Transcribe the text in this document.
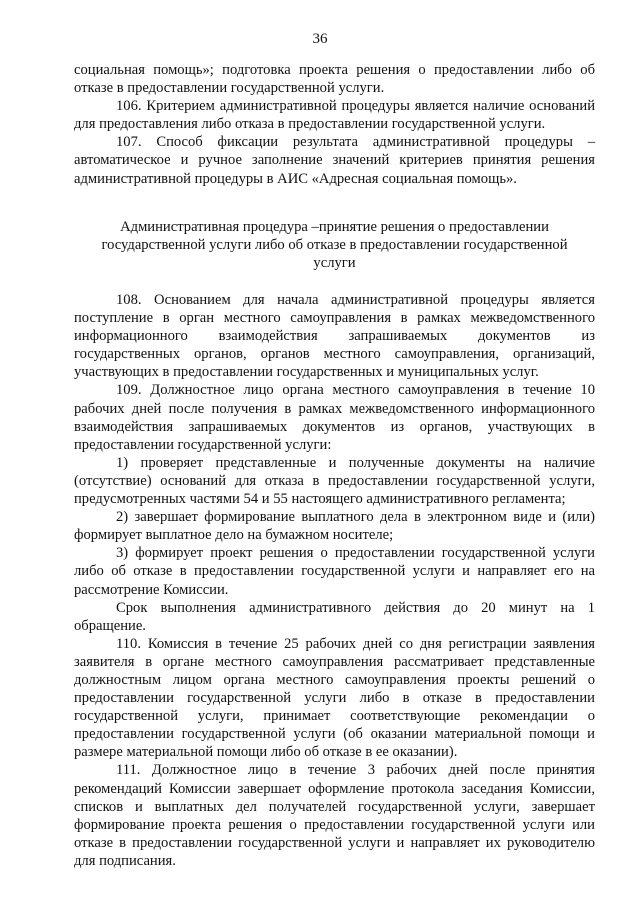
36

социальная помощь»; подготовка проекта решения о предоставлении либо об отказе в предоставлении государственной услуги.

106. Критерием административной процедуры является наличие оснований для предоставления либо отказа в предоставлении государственной услуги.

107. Способ фиксации результата административной процедуры – автоматическое и ручное заполнение значений критериев принятия решения административной процедуры в АИС «Адресная социальная помощь».

Административная процедура –принятие решения о предоставлении

государственной услуги либо об отказе в предоставлении государственной

услуги

108. Основанием для начала административной процедуры является поступление в орган местного самоуправления в рамках межведомственного информационного взаимодействия запрашиваемых документов из государственных органов, органов местного самоуправления, организаций, участвующих в предоставлении государственных и муниципальных услуг.

109. Должностное лицо органа местного самоуправления в течение 10 рабочих дней после получения в рамках межведомственного информационного взаимодействия запрашиваемых документов из органов, участвующих в предоставлении государственной услуги:

1) проверяет представленные и полученные документы на наличие (отсутствие) оснований для отказа в предоставлении государственной услуги, предусмотренных частями 54 и 55 настоящего административного регламента;

2) завершает формирование выплатного дела в электронном виде и (или) формирует выплатное дело на бумажном носителе;

3) формирует проект решения о предоставлении государственной услуги либо об отказе в предоставлении государственной услуги и направляет его на рассмотрение Комиссии.

Срок выполнения административного действия до 20 минут на 1 обращение.

110. Комиссия в течение 25 рабочих дней со дня регистрации заявления заявителя в органе местного самоуправления рассматривает представленные должностным лицом органа местного самоуправления проекты решений о предоставлении государственной услуги либо в отказе в предоставлении государственной услуги, принимает соответствующие рекомендации о предоставлении государственной услуги (об оказании материальной помощи и размере материальной помощи либо об отказе в ее оказании).

111. Должностное лицо в течение 3 рабочих дней после принятия рекомендаций Комиссии завершает оформление протокола заседания Комиссии, списков и выплатных дел получателей государственной услуги, завершает формирование проекта решения о предоставлении государственной услуги или отказе в предоставлении государственной услуги и направляет их руководителю для подписания.
